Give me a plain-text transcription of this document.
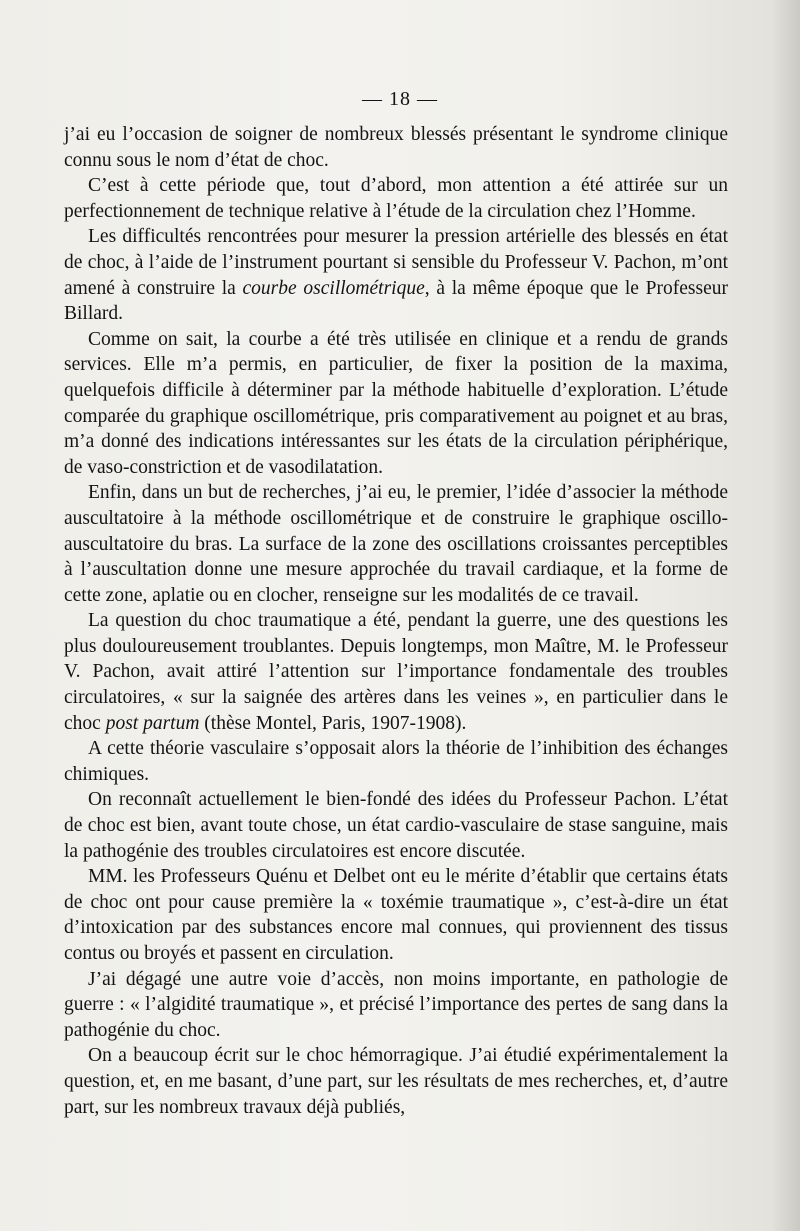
— 18 —

j’ai eu l’occasion de soigner de nombreux blessés présentant le syndrome clinique connu sous le nom d’état de choc.

C’est à cette période que, tout d’abord, mon attention a été attirée sur un perfectionnement de technique relative à l’étude de la circulation chez l’Homme.

Les difficultés rencontrées pour mesurer la pression artérielle des blessés en état de choc, à l’aide de l’instrument pourtant si sensible du Professeur V. Pachon, m’ont amené à construire la courbe oscillométrique, à la même époque que le Professeur Billard.

Comme on sait, la courbe a été très utilisée en clinique et a rendu de grands services. Elle m’a permis, en particulier, de fixer la position de la maxima, quelquefois difficile à déterminer par la méthode habituelle d’exploration. L’étude comparée du graphique oscillométrique, pris comparativement au poignet et au bras, m’a donné des indications intéressantes sur les états de la circulation périphérique, de vaso-constriction et de vasodilatation.

Enfin, dans un but de recherches, j’ai eu, le premier, l’idée d’associer la méthode auscultatoire à la méthode oscillométrique et de construire le graphique oscillo-auscultatoire du bras. La surface de la zone des oscillations croissantes perceptibles à l’auscultation donne une mesure approchée du travail cardiaque, et la forme de cette zone, aplatie ou en clocher, renseigne sur les modalités de ce travail.

La question du choc traumatique a été, pendant la guerre, une des questions les plus douloureusement troublantes. Depuis longtemps, mon Maître, M. le Professeur V. Pachon, avait attiré l’attention sur l’importance fondamentale des troubles circulatoires, « sur la saignée des artères dans les veines », en particulier dans le choc post partum (thèse Montel, Paris, 1907-1908).

A cette théorie vasculaire s’opposait alors la théorie de l’inhibition des échanges chimiques.

On reconnaît actuellement le bien-fondé des idées du Professeur Pachon. L’état de choc est bien, avant toute chose, un état cardio-vasculaire de stase sanguine, mais la pathogénie des troubles circulatoires est encore discutée.

MM. les Professeurs Quénu et Delbet ont eu le mérite d’établir que certains états de choc ont pour cause première la « toxémie traumatique », c’est-à-dire un état d’intoxication par des substances encore mal connues, qui proviennent des tissus contus ou broyés et passent en circulation.

J’ai dégagé une autre voie d’accès, non moins importante, en pathologie de guerre : « l’algidité traumatique », et précisé l’importance des pertes de sang dans la pathogénie du choc.

On a beaucoup écrit sur le choc hémorragique. J’ai étudié expérimentalement la question, et, en me basant, d’une part, sur les résultats de mes recherches, et, d’autre part, sur les nombreux travaux déjà publiés,
